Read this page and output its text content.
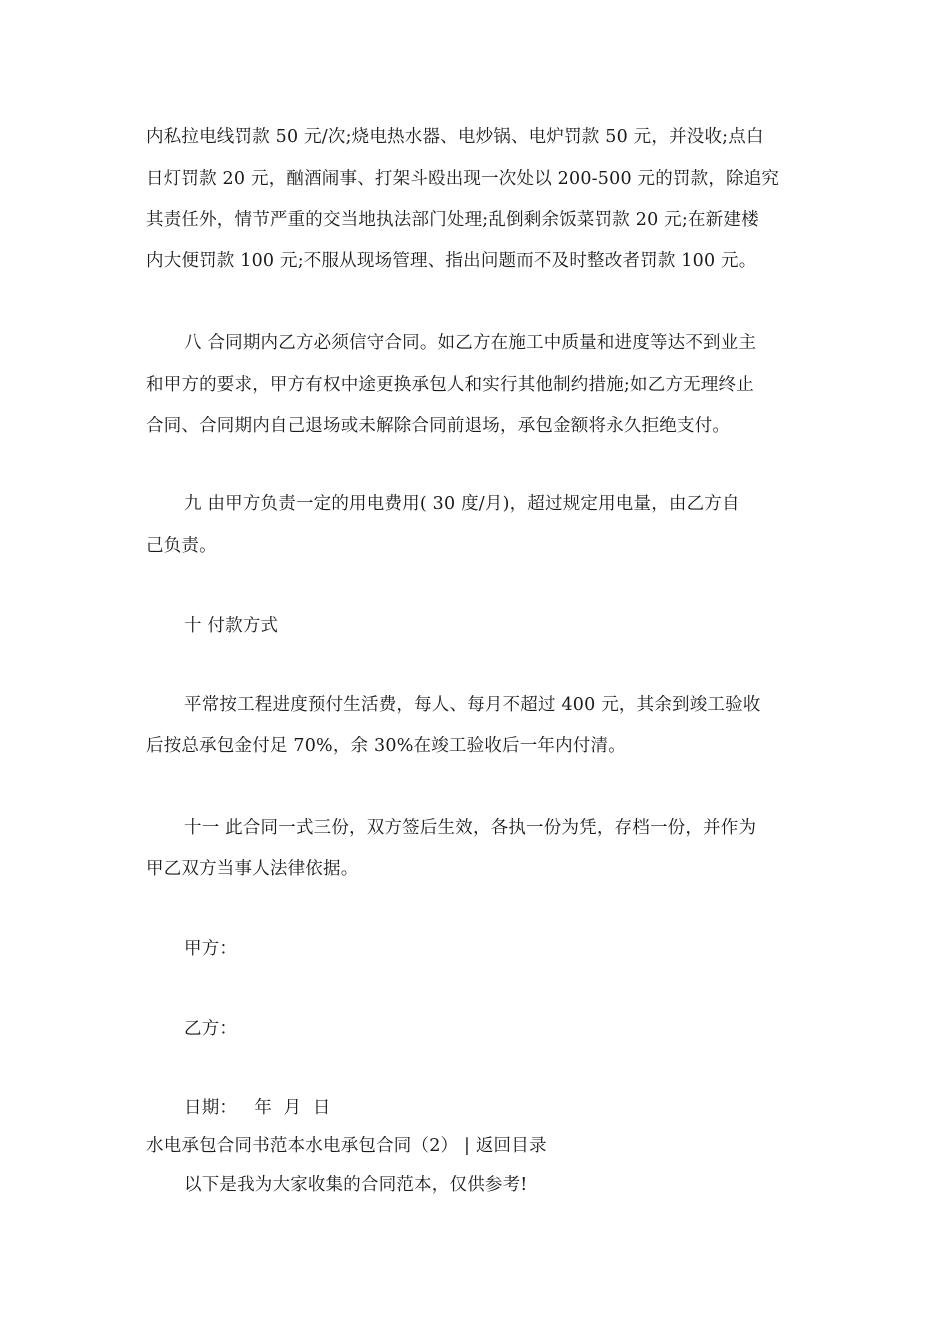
内私拉电线罚款 50 元/次;烧电热水器、电炒锅、电炉罚款 50 元，并没收;点白
日灯罚款 20 元，酗酒闹事、打架斗殴出现一次处以 200-500 元的罚款，除追究
其责任外，情节严重的交当地执法部门处理;乱倒剩余饭菜罚款 20 元;在新建楼
内大便罚款 100 元;不服从现场管理、指出问题而不及时整改者罚款 100 元。
八 合同期内乙方必须信守合同。如乙方在施工中质量和进度等达不到业主
和甲方的要求，甲方有权中途更换承包人和实行其他制约措施;如乙方无理终止
合同、合同期内自己退场或未解除合同前退场，承包金额将永久拒绝支付。
九 由甲方负责一定的用电费用( 30 度/月)，超过规定用电量，由乙方自
己负责。
十 付款方式
平常按工程进度预付生活费，每人、每月不超过 400 元，其余到竣工验收
后按总承包金付足 70%，余 30%在竣工验收后一年内付清。
十一 此合同一式三份，双方签后生效，各执一份为凭，存档一份，并作为
甲乙双方当事人法律依据。
甲方：
乙方：
日期：   年  月  日
水电承包合同书范本水电承包合同（2） | 返回目录
以下是我为大家收集的合同范本，仅供参考!
